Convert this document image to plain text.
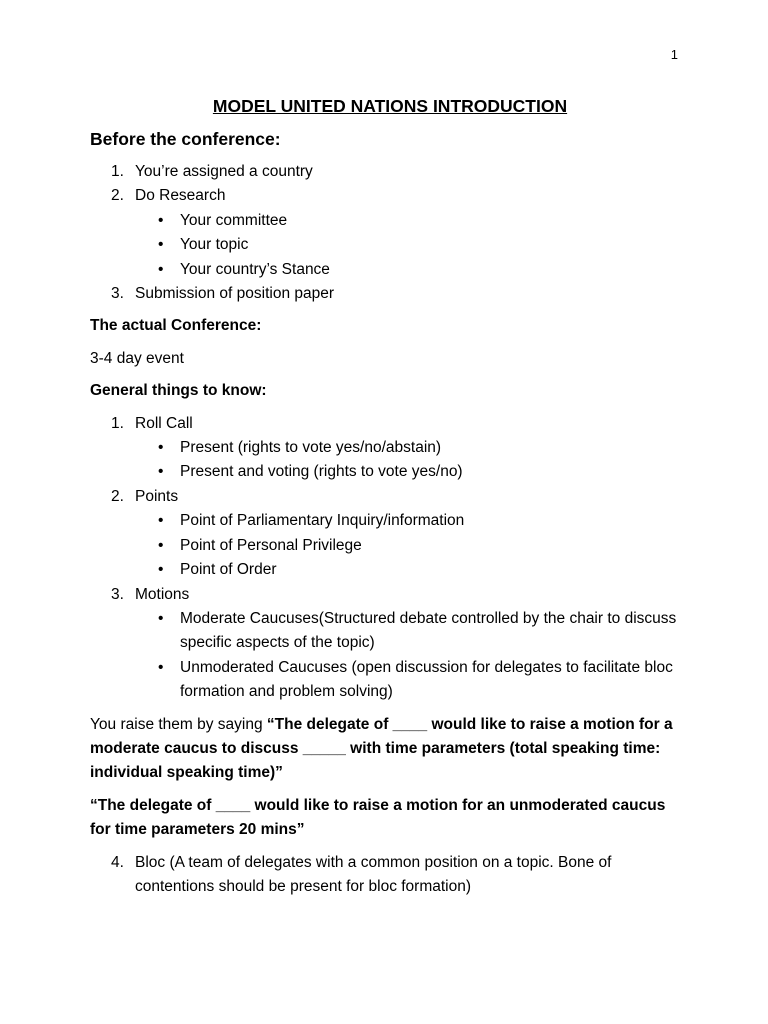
1
MODEL UNITED NATIONS INTRODUCTION
Before the conference:
1. You’re assigned a country
2. Do Research
• Your committee
• Your topic
• Your country’s Stance
3. Submission of position paper
The actual Conference:
3-4 day event
General things to know:
1. Roll Call
• Present (rights to vote yes/no/abstain)
• Present and voting (rights to vote yes/no)
2. Points
• Point of Parliamentary Inquiry/information
• Point of Personal Privilege
• Point of Order
3. Motions
• Moderate Caucuses(Structured debate controlled by the chair to discuss specific aspects of the topic)
• Unmoderated Caucuses (open discussion for delegates to facilitate bloc formation and problem solving)

You raise them by saying “The delegate of ____ would like to raise a motion for a moderate caucus to discuss _____ with time parameters (total speaking time: individual speaking time)”

“The delegate of ____ would like to raise a motion for an unmoderated caucus for time parameters 20 mins”

4. Bloc (A team of delegates with a common position on a topic. Bone of contentions should be present for bloc formation)
